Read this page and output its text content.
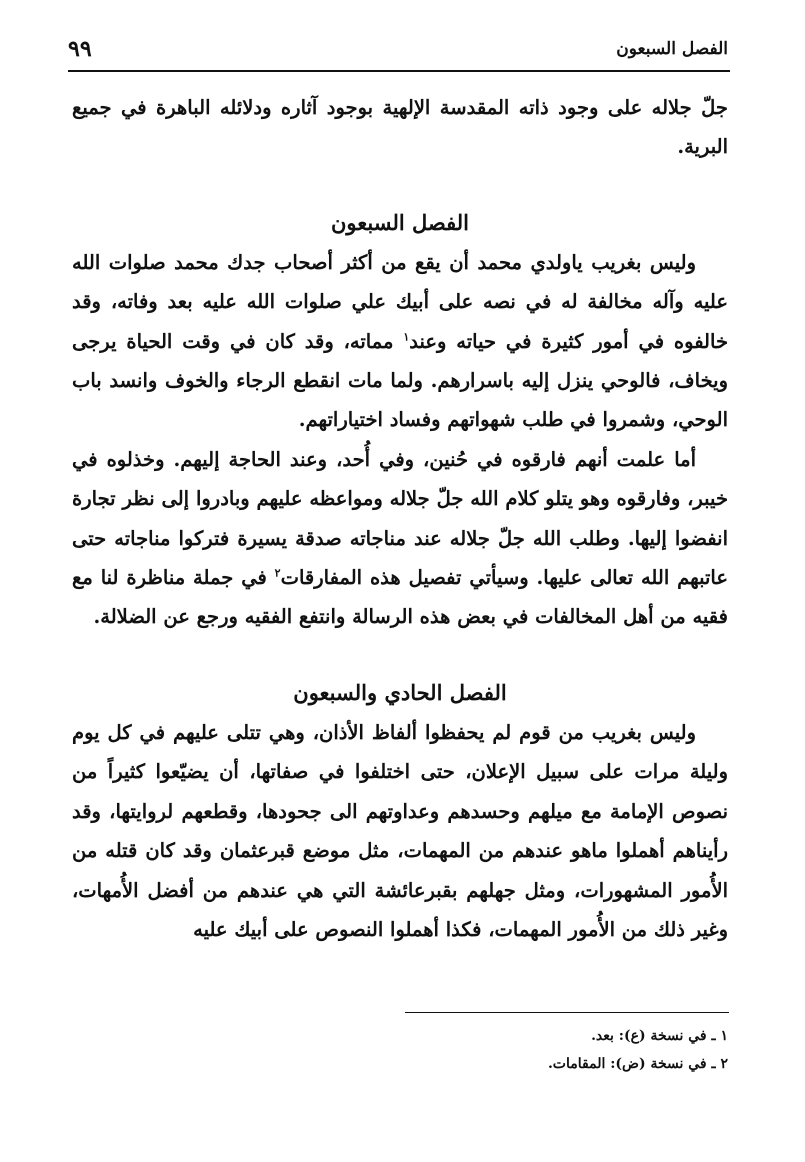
الفصل السبعون
٩٩

جلّ جلاله على وجود ذاته المقدسة الإلهية بوجود آثاره ودلائله الباهرة في جميع البرية.

الفصل السبعون

وليس بغريب ياولدي محمد أن يقع من أكثر أصحاب جدك محمد صلوات الله عليه وآله مخالفة له في نصه على أبيك علي صلوات الله عليه بعد وفاته، وقد خالفوه في أمور كثيرة في حياته وعند$^١$ مماته، وقد كان في وقت الحياة يرجى ويخاف، فالوحي ينزل إليه باسرارهم. ولما مات انقطع الرجاء والخوف وانسد باب الوحي، وشمروا في طلب شهواتهم وفساد اختياراتهم.

أما علمت أنهم فارقوه في حُنين، وفي أُحد، وعند الحاجة إليهم. وخذلوه في خيبر، وفارقوه وهو يتلو كلام الله جلّ جلاله ومواعظه عليهم وبادروا إلى نظر تجارة انفضوا إليها. وطلب الله جلّ جلاله عند مناجاته صدقة يسيرة فتركوا مناجاته حتى عاتبهم الله تعالى عليها. وسيأتي تفصيل هذه المفارقات$^٢$ في جملة مناظرة لنا مع فقيه من أهل المخالفات في بعض هذه الرسالة وانتفع الفقيه ورجع عن الضلالة.

الفصل الحادي والسبعون

وليس بغريب من قوم لم يحفظوا ألفاظ الأذان، وهي تتلى عليهم في كل يوم وليلة مرات على سبيل الإعلان، حتى اختلفوا في صفاتها، أن يضيّعوا كثيراً من نصوص الإمامة مع ميلهم وحسدهم وعداوتهم الى جحودها، وقطعهم لروايتها، وقد رأيناهم أهملوا ماهو عندهم من المهمات، مثل موضع قبرعثمان وقد كان قتله من الأُمور المشهورات، ومثل جهلهم بقبرعائشة التي هي عندهم من أفضل الأُمهات، وغير ذلك من الأُمور المهمات، فكذا أهملوا النصوص على أبيك عليه

١ ـ في نسخة (ع): بعد.
٢ ـ في نسخة (ض): المقامات.
